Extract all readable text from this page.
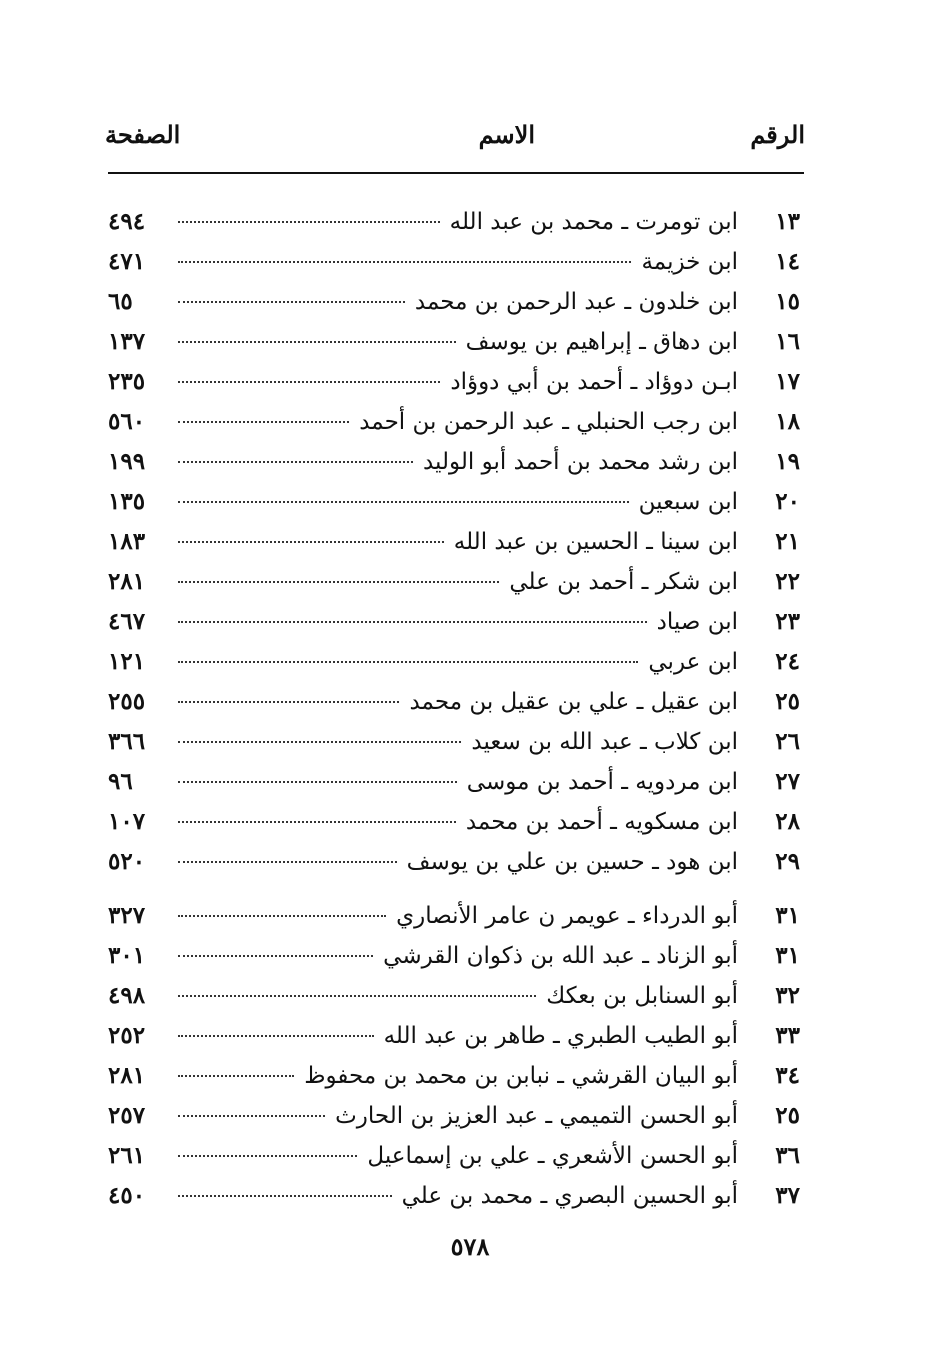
الرقم
الاسم
الصفحة
١٣
ابن تومرت ـ محمد بن عبد الله
٤٩٤
١٤
ابن خزيمة
٤٧١
١٥
ابن خلدون ـ عبد الرحمن بن محمد
٦٥
١٦
ابن دهاق ـ إبراهيم بن يوسف
١٣٧
١٧
ابـن دوؤاد ـ أحمد بن أبي دوؤاد
٢٣٥
١٨
ابن رجب الحنبلي ـ عبد الرحمن بن أحمد
٥٦٠
١٩
ابن رشد محمد بن أحمد أبو الوليد
١٩٩
٢٠
ابن سبعين
١٣٥
٢١
ابن سينا ـ الحسين بن عبد الله
١٨٣
٢٢
ابن شكر ـ أحمد بن علي
٢٨١
٢٣
ابن صياد
٤٦٧
٢٤
ابن عربي
١٢١
٢٥
ابن عقيل ـ علي بن عقيل بن محمد
٢٥٥
٢٦
ابن كلاب ـ عبد الله بن سعيد
٣٦٦
٢٧
ابن مردويه ـ أحمد بن موسى
٩٦
٢٨
ابن مسكويه ـ أحمد بن محمد
١٠٧
٢٩
ابن هود ـ حسين بن علي بن يوسف
٥٢٠
٣١
أبو الدرداء ـ عويمر ن عامر الأنصاري
٣٢٧
٣١
أبو الزناد ـ عبد الله بن ذكوان القرشي
٣٠١
٣٢
أبو السنابل بن بعكك
٤٩٨
٣٣
أبو الطيب الطبري ـ طاهر بن عبد الله
٢٥٢
٣٤
أبو البيان القرشي ـ نبابن بن محمد بن محفوظ
٢٨١
٢٥
أبو الحسن التميمي ـ عبد العزيز بن الحارث
٢٥٧
٣٦
أبو الحسن الأشعري ـ علي بن إسماعيل
٢٦١
٣٧
أبو الحسين البصري ـ محمد بن علي
٤٥٠
٥٧٨
